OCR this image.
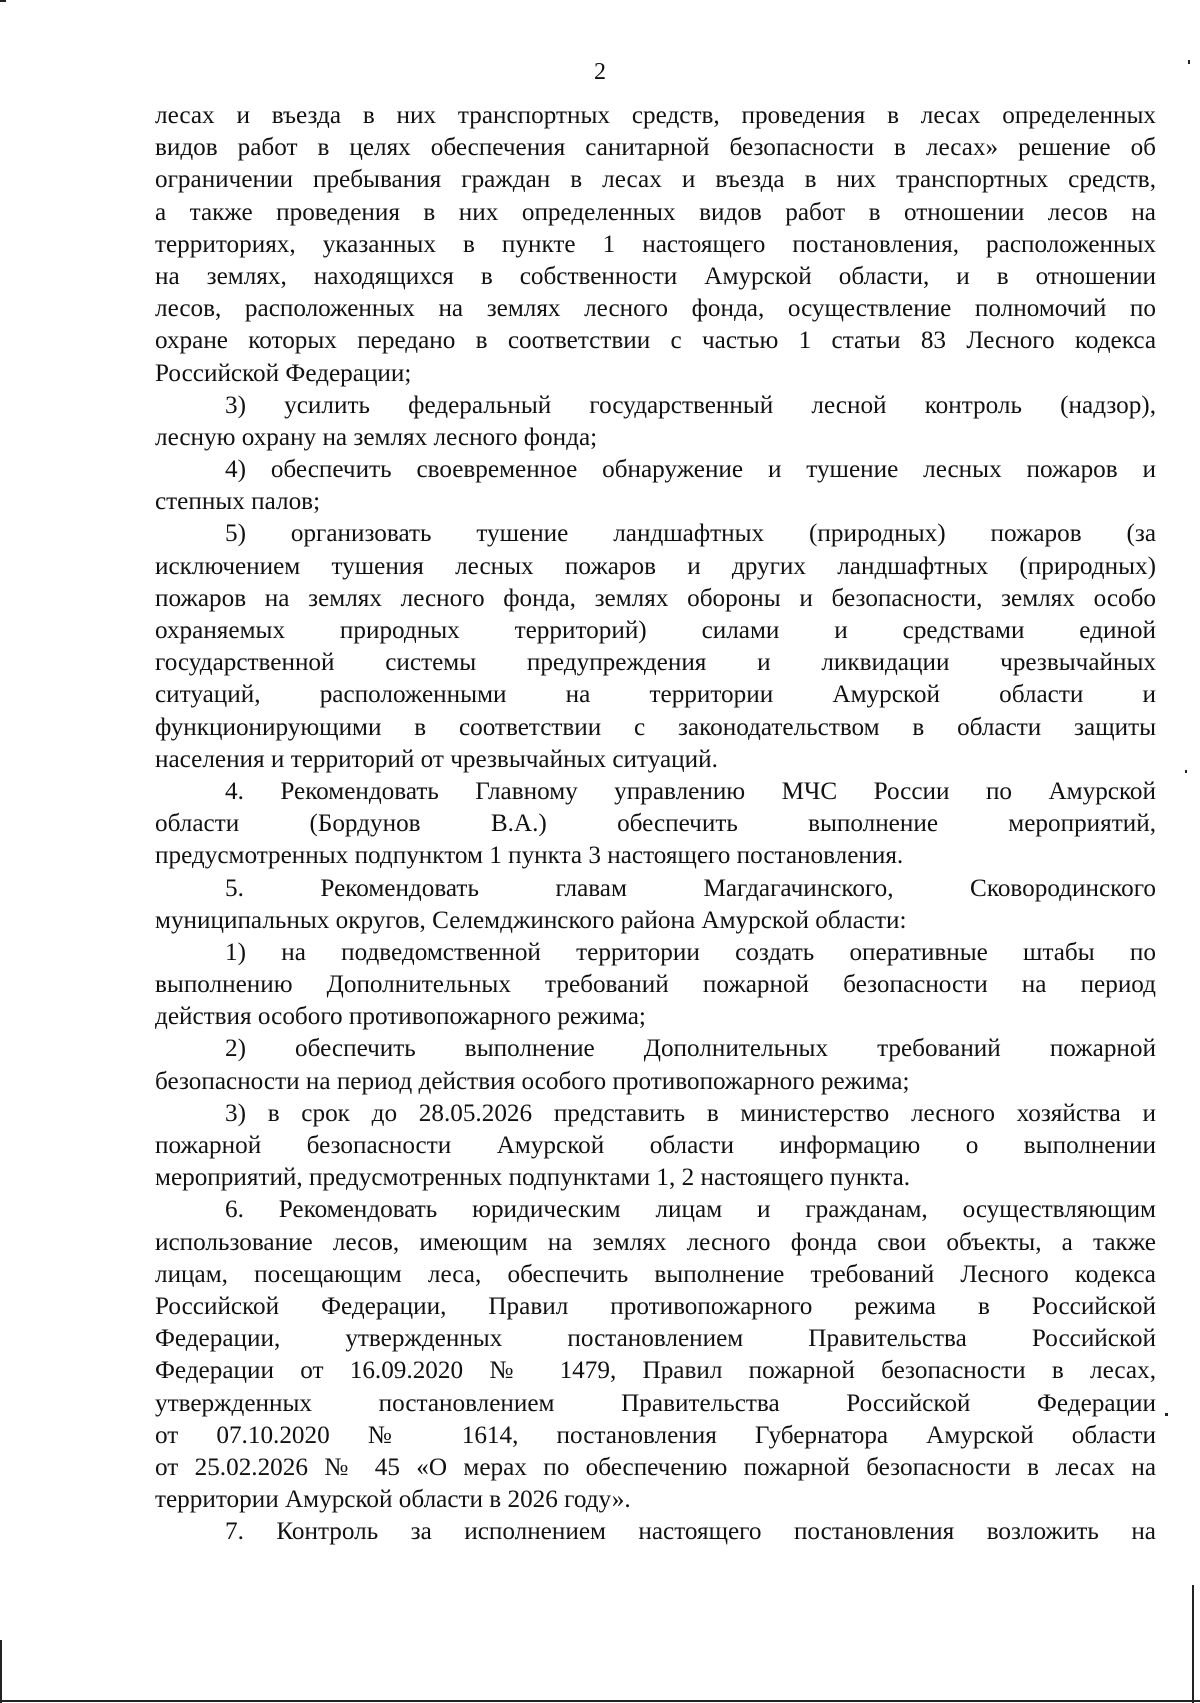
2
лесах и въезда в них транспортных средств, проведения в лесах определенных
видов работ в целях обеспечения санитарной безопасности в лесах» решение об
ограничении пребывания граждан в лесах и въезда в них транспортных средств,
а также проведения в них определенных видов работ в отношении лесов на
территориях, указанных в пункте 1 настоящего постановления, расположенных
на землях, находящихся в собственности Амурской области, и в отношении
лесов, расположенных на землях лесного фонда, осуществление полномочий по
охране которых передано в соответствии с частью 1 статьи 83 Лесного кодекса
Российской Федерации;
3) усилить федеральный государственный лесной контроль (надзор),
лесную охрану на землях лесного фонда;
4) обеспечить своевременное обнаружение и тушение лесных пожаров и
степных палов;
5) организовать тушение ландшафтных (природных) пожаров (за
исключением тушения лесных пожаров и других ландшафтных (природных)
пожаров на землях лесного фонда, землях обороны и безопасности, землях особо
охраняемых природных территорий) силами и средствами единой
государственной системы предупреждения и ликвидации чрезвычайных
ситуаций, расположенными на территории Амурской области и
функционирующими в соответствии с законодательством в области защиты
населения и территорий от чрезвычайных ситуаций.
4. Рекомендовать Главному управлению МЧС России по Амурской
области (Бордунов В.А.) обеспечить выполнение мероприятий,
предусмотренных подпунктом 1 пункта 3 настоящего постановления.
5. Рекомендовать главам Магдагачинского, Сковородинского
муниципальных округов, Селемджинского района Амурской области:
1) на подведомственной территории создать оперативные штабы по
выполнению Дополнительных требований пожарной безопасности на период
действия особого противопожарного режима;
2) обеспечить выполнение Дополнительных требований пожарной
безопасности на период действия особого противопожарного режима;
3) в срок до 28.05.2026 представить в министерство лесного хозяйства и
пожарной безопасности Амурской области информацию о выполнении
мероприятий, предусмотренных подпунктами 1, 2 настоящего пункта.
6. Рекомендовать юридическим лицам и гражданам, осуществляющим
использование лесов, имеющим на землях лесного фонда свои объекты, а также
лицам, посещающим леса, обеспечить выполнение требований Лесного кодекса
Российской Федерации, Правил противопожарного режима в Российской
Федерации, утвержденных постановлением Правительства Российской
Федерации от 16.09.2020 № 1479, Правил пожарной безопасности в лесах,
утвержденных постановлением Правительства Российской Федерации
от 07.10.2020 № 1614, постановления Губернатора Амурской области
от 25.02.2026 № 45 «О мерах по обеспечению пожарной безопасности в лесах на
территории Амурской области в 2026 году».
7. Контроль за исполнением настоящего постановления возложить на
